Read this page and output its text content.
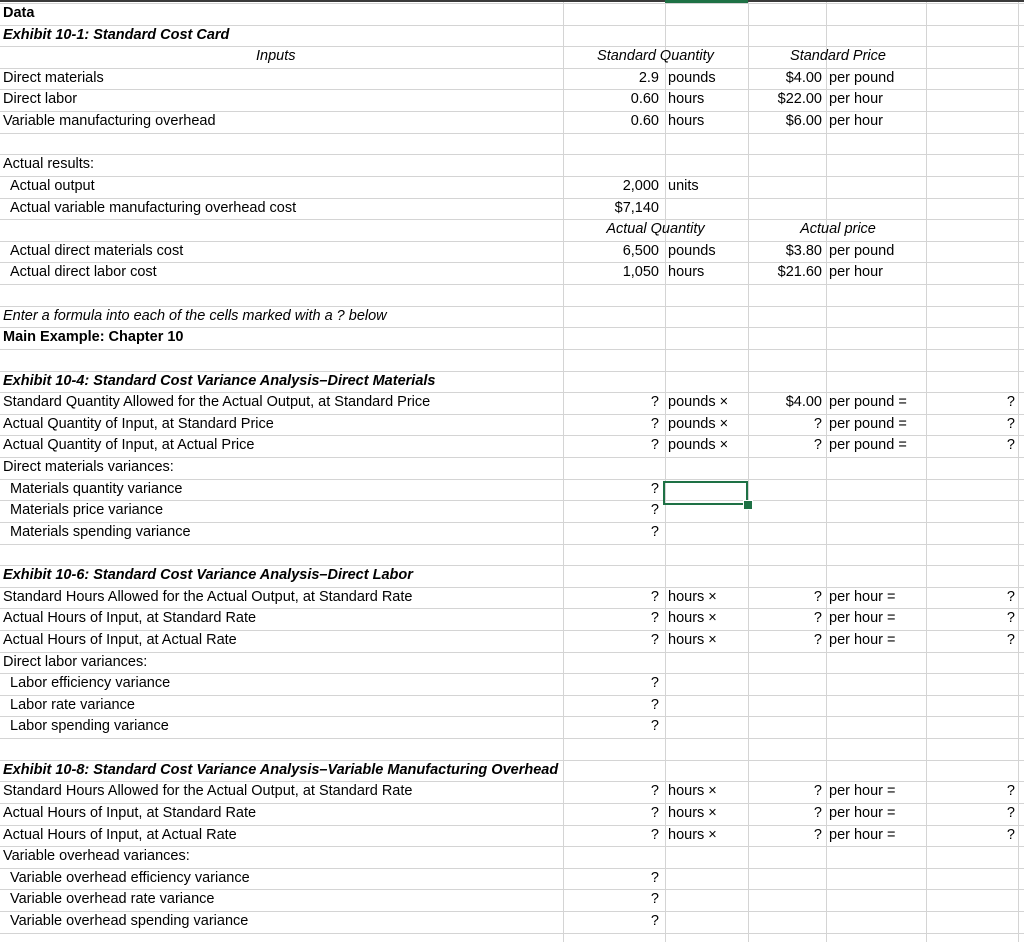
Data
Exhibit 10-1: Standard Cost Card
Inputs	Standard Quantity	Standard Price
Direct materials	2.9 pounds	$4.00 per pound
Direct labor	0.60 hours	$22.00 per hour
Variable manufacturing overhead	0.60 hours	$6.00 per hour
Actual results:
Actual output	2,000 units
Actual variable manufacturing overhead cost	$7,140
Actual Quantity	Actual price
Actual direct materials cost	6,500 pounds	$3.80 per pound
Actual direct labor cost	1,050 hours	$21.60 per hour
Enter a formula into each of the cells marked with a ? below
Main Example: Chapter 10
Exhibit 10-4: Standard Cost Variance Analysis–Direct Materials
Standard Quantity Allowed for the Actual Output, at Standard Price	? pounds ×	$4.00 per pound =	?
Actual Quantity of Input, at Standard Price	? pounds ×	? per pound =	?
Actual Quantity of Input, at Actual Price	? pounds ×	? per pound =	?
Direct materials variances:
Materials quantity variance	?
Materials price variance	?
Materials spending variance	?
Exhibit 10-6: Standard Cost Variance Analysis–Direct Labor
Standard Hours Allowed for the Actual Output, at Standard Rate	? hours ×	? per hour =	?
Actual Hours of Input, at Standard Rate	? hours ×	? per hour =	?
Actual Hours of Input, at Actual Rate	? hours ×	? per hour =	?
Direct labor variances:
Labor efficiency variance	?
Labor rate variance	?
Labor spending variance	?
Exhibit 10-8: Standard Cost Variance Analysis–Variable Manufacturing Overhead
Standard Hours Allowed for the Actual Output, at Standard Rate	? hours ×	? per hour =	?
Actual Hours of Input, at Standard Rate	? hours ×	? per hour =	?
Actual Hours of Input, at Actual Rate	? hours ×	? per hour =	?
Variable overhead variances:
Variable overhead efficiency variance	?
Variable overhead rate variance	?
Variable overhead spending variance	?
